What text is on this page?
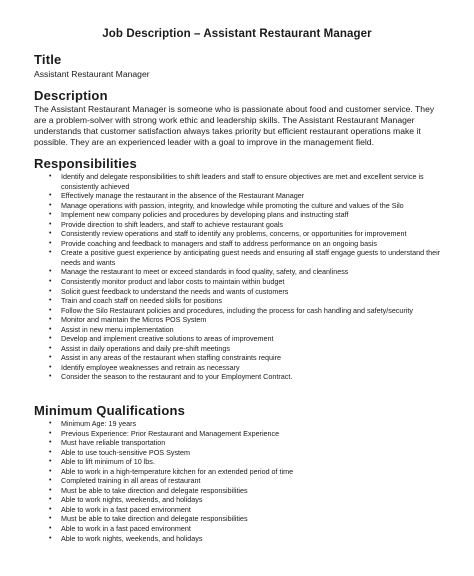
Job Description – Assistant Restaurant Manager
Title

Assistant Restaurant Manager

Description

The Assistant Restaurant Manager is someone who is passionate about food and customer service. They are a problem-solver with strong work ethic and leadership skills. The Assistant Restaurant Manager understands that customer satisfaction always takes priority but efficient restaurant operations make it possible. They are an experienced leader with a goal to improve in the management field.

Responsibilities
• Identify and delegate responsibilities to shift leaders and staff to ensure objectives are met and excellent service is consistently achieved
• Effectively manage the restaurant in the absence of the Restaurant Manager
• Manage operations with passion, integrity, and knowledge while promoting the culture and values of the Silo
• Implement new company policies and procedures by developing plans and instructing staff
• Provide direction to shift leaders, and staff to achieve restaurant goals
• Consistently review operations and staff to identify any problems, concerns, or opportunities for improvement
• Provide coaching and feedback to managers and staff to address performance on an ongoing basis
• Create a positive guest experience by anticipating guest needs and ensuring all staff engage guests to understand their needs and wants
• Manage the restaurant to meet or exceed standards in food quality, safety, and cleanliness
• Consistently monitor product and labor costs to maintain within budget
• Solicit guest feedback to understand the needs and wants of customers
• Train and coach staff on needed skills for positions
• Follow the Silo Restaurant policies and procedures, including the process for cash handling and safety/security
• Monitor and maintain the Micros POS System
• Assist in new menu implementation
• Develop and implement creative solutions to areas of improvement
• Assist in daily operations and daily pre-shift meetings
• Assist in any areas of the restaurant when staffing constraints require
• Identify employee weaknesses and retrain as necessary
• Consider the season to the restaurant and to your Employment Contract.
Minimum Qualifications
• Minimum Age: 19 years
• Previous Experience: Prior Restaurant and Management Experience
• Must have reliable transportation
• Able to use touch-sensitive POS System
• Able to lift minimum of 10 lbs.
• Able to work in a high-temperature kitchen for an extended period of time
• Completed training in all areas of restaurant
• Must be able to take direction and delegate responsibilities
• Able to work nights, weekends, and holidays
• Able to work in a fast paced environment
• Must be able to take direction and delegate responsibilities
• Able to work in a fast paced environment
• Able to work nights, weekends, and holidays
